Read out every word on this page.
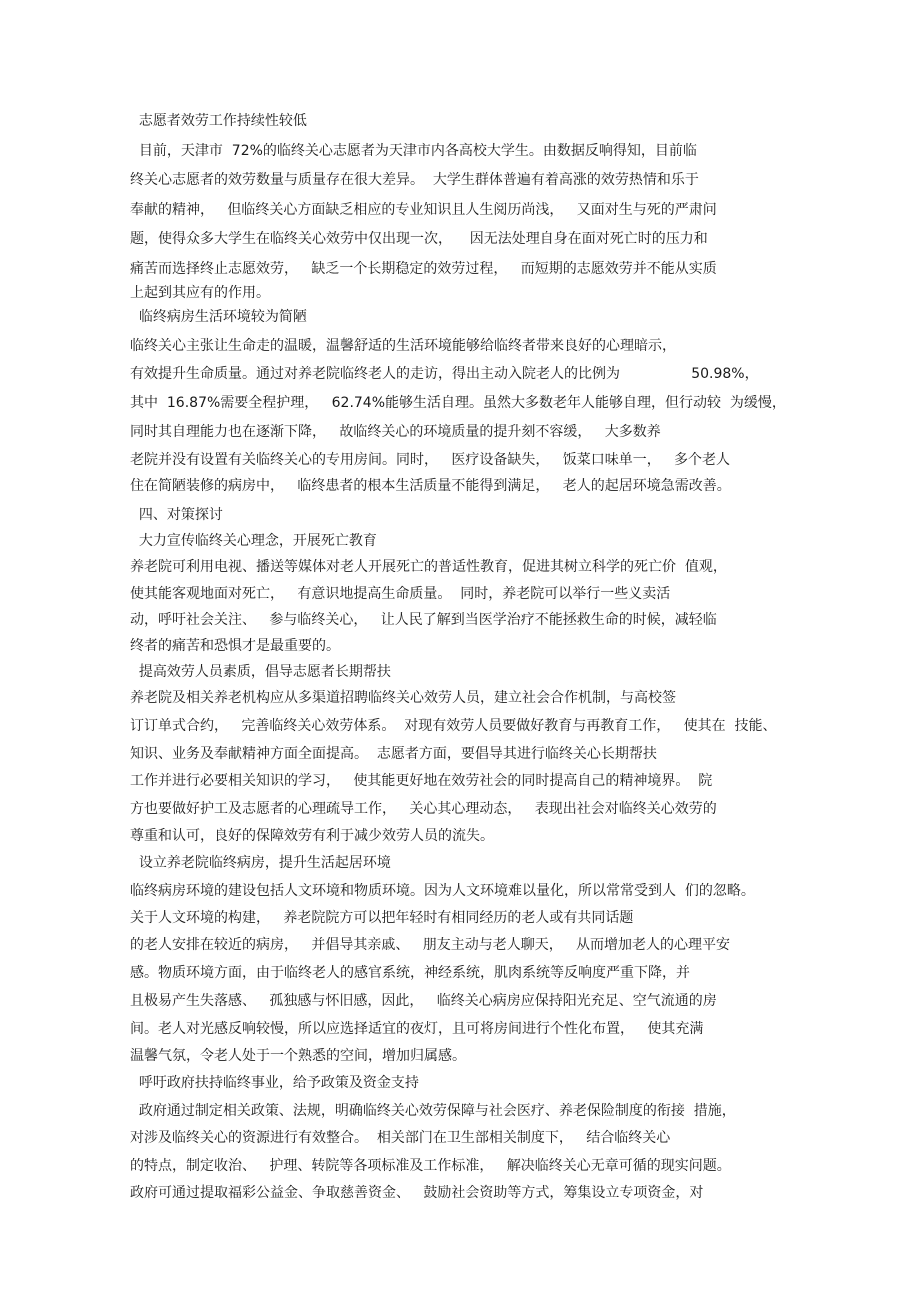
志愿者效劳工作持续性较低
目前，天津市  72%的临终关心志愿者为天津市内各高校大学生。由数据反响得知，目前临
终关心志愿者的效劳数量与质量存在很大差异。  大学生群体普遍有着高涨的效劳热情和乐于
奉献的精神，   但临终关心方面缺乏相应的专业知识且人生阅历尚浅，   又面对生与死的严肃问
题，使得众多大学生在临终关心效劳中仅出现一次，    因无法处理自身在面对死亡时的压力和
痛苦而选择终止志愿效劳，   缺乏一个长期稳定的效劳过程，   而短期的志愿效劳并不能从实质
上起到其应有的作用。
临终病房生活环境较为简陋
临终关心主张让生命走的温暖，温馨舒适的生活环境能够给临终者带来良好的心理暗示，
有效提升生命质量。通过对养老院临终老人的走访，得出主动入院老人的比例为                50.98%，
其中  16.87%需要全程护理，   62.74%能够生活自理。虽然大多数老年人能够自理，但行动较  为缓慢，
同时其自理能力也在逐渐下降，   故临终关心的环境质量的提升刻不容缓，   大多数养
老院并没有设置有关临终关心的专用房间。同时，   医疗设备缺失，   饭菜口味单一，   多个老人
住在简陋装修的病房中，   临终患者的根本生活质量不能得到满足，   老人的起居环境急需改善。
四、对策探讨
大力宣传临终关心理念，开展死亡教育
养老院可利用电视、播送等媒体对老人开展死亡的普适性教育，促进其树立科学的死亡价  值观，
使其能客观地面对死亡，   有意识地提高生命质量。  同时，养老院可以举行一些义卖活
动，呼吁社会关注、   参与临终关心，   让人民了解到当医学治疗不能拯救生命的时候，减轻临
终者的痛苦和恐惧才是最重要的。
提高效劳人员素质，倡导志愿者长期帮扶
养老院及相关养老机构应从多渠道招聘临终关心效劳人员，建立社会合作机制，与高校签
订订单式合约，   完善临终关心效劳体系。  对现有效劳人员要做好教育与再教育工作，   使其在  技能、
知识、业务及奉献精神方面全面提高。  志愿者方面，要倡导其进行临终关心长期帮扶
工作并进行必要相关知识的学习，   使其能更好地在效劳社会的同时提高自己的精神境界。  院
方也要做好护工及志愿者的心理疏导工作，   关心其心理动态，   表现出社会对临终关心效劳的
尊重和认可，良好的保障效劳有利于减少效劳人员的流失。
设立养老院临终病房，提升生活起居环境
临终病房环境的建设包括人文环境和物质环境。因为人文环境难以量化，所以常常受到人  们的忽略。
关于人文环境的构建，   养老院院方可以把年轻时有相同经历的老人或有共同话题
的老人安排在较近的病房，   并倡导其亲戚、   朋友主动与老人聊天，   从而增加老人的心理平安
感。物质环境方面，由于临终老人的感官系统，神经系统，肌肉系统等反响度严重下降，并
且极易产生失落感、   孤独感与怀旧感，因此，   临终关心病房应保持阳光充足、空气流通的房
间。老人对光感反响较慢，所以应选择适宜的夜灯，且可将房间进行个性化布置，   使其充满
温馨气氛，令老人处于一个熟悉的空间，增加归属感。
呼吁政府扶持临终事业，给予政策及资金支持
政府通过制定相关政策、法规，明确临终关心效劳保障与社会医疗、养老保险制度的衔接  措施，
对涉及临终关心的资源进行有效整合。  相关部门在卫生部相关制度下，   结合临终关心
的特点，制定收治、   护理、转院等各项标准及工作标准，   解决临终关心无章可循的现实问题。
政府可通过提取福彩公益金、争取慈善资金、   鼓励社会资助等方式，筹集设立专项资金，对
